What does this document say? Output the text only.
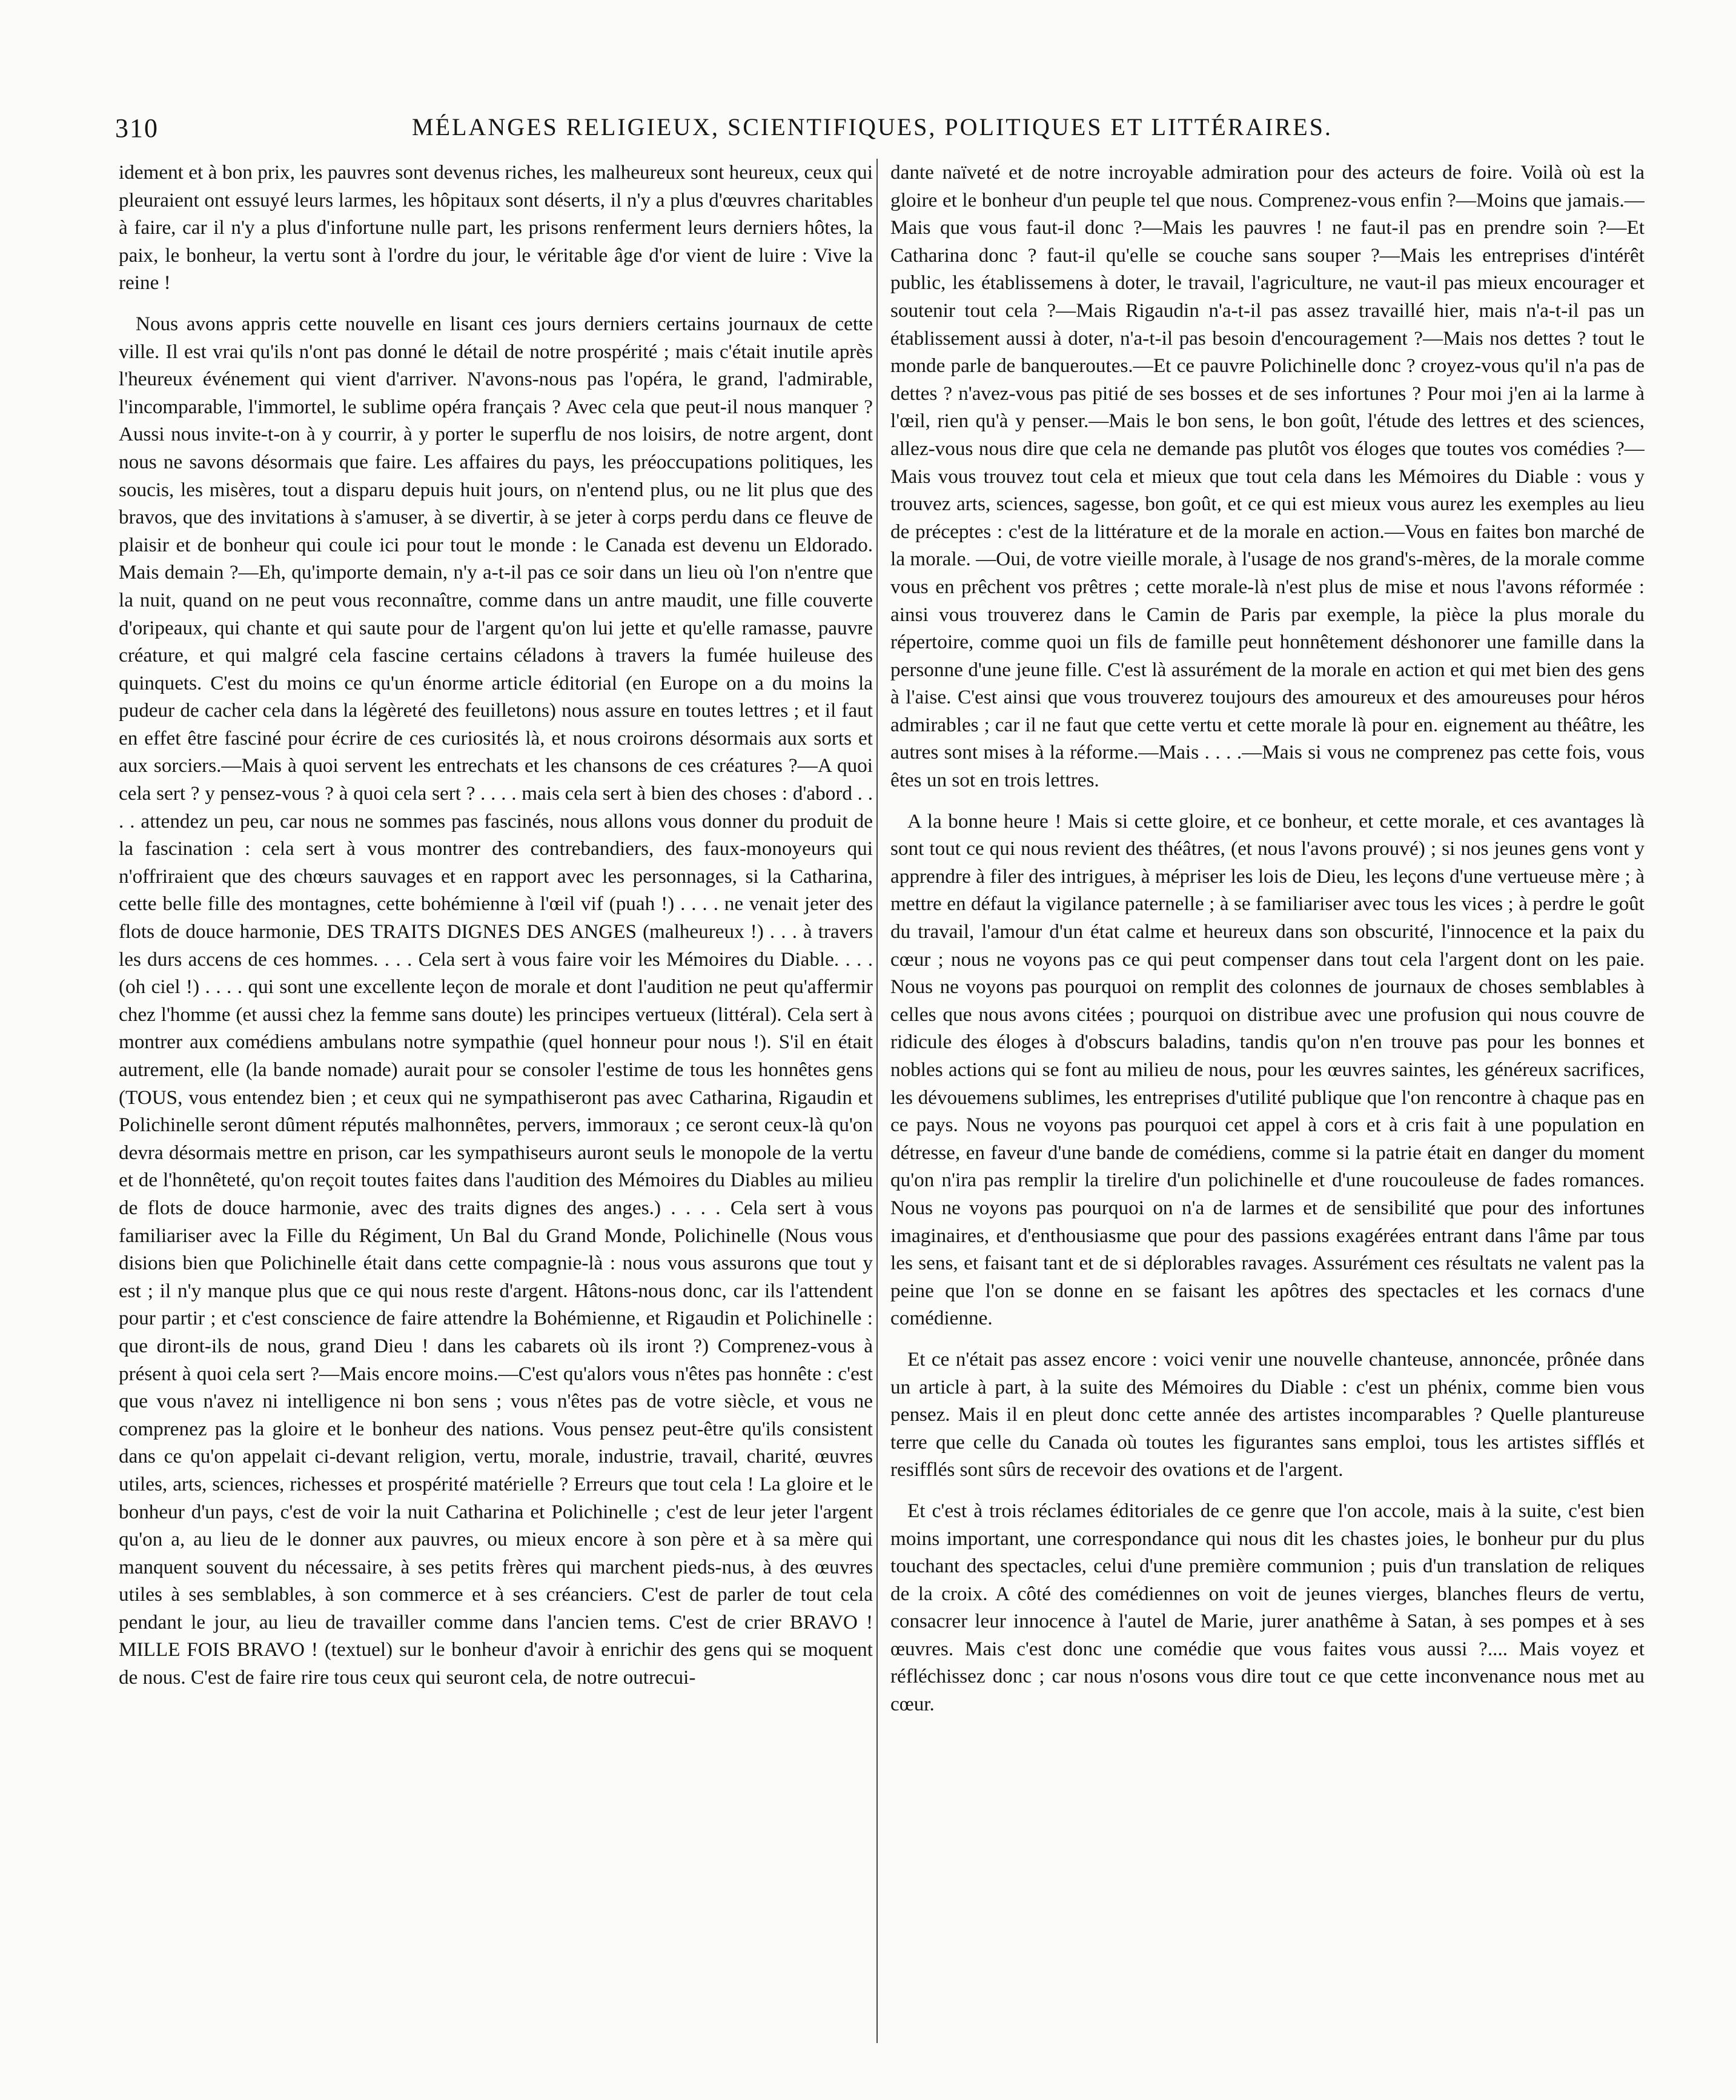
310	MÉLANGES RELIGIEUX, SCIENTIFIQUES, POLITIQUES ET LITTÉRAIRES.

idement et à bon prix, les pauvres sont devenus riches, les malheureux sont heureux, ceux qui pleuraient ont essuyé leurs larmes, les hôpitaux sont déserts, il n'y a plus d'œuvres charitables à faire, car il n'y a plus d'infortune nulle part, les prisons renferment leurs derniers hôtes, la paix, le bonheur, la vertu sont à l'ordre du jour, le véritable âge d'or vient de luire : Vive la reine !

Nous avons appris cette nouvelle en lisant ces jours derniers certains journaux de cette ville. Il est vrai qu'ils n'ont pas donné le détail de notre prospérité ; mais c'était inutile après l'heureux événement qui vient d'arriver. N'avons-nous pas l'opéra, le grand, l'admirable, l'incomparable, l'immortel, le sublime opéra français ? Avec cela que peut-il nous manquer ? Aussi nous invite-t-on à y courrir, à y porter le superflu de nos loisirs, de notre argent, dont nous ne savons désormais que faire. Les affaires du pays, les préoccupations politiques, les soucis, les misères, tout a disparu depuis huit jours, on n'entend plus, ou ne lit plus que des bravos, que des invitations à s'amuser, à se divertir, à se jeter à corps perdu dans ce fleuve de plaisir et de bonheur qui coule ici pour tout le monde : le Canada est devenu un Eldorado. Mais demain ?—Eh, qu'importe demain, n'y a-t-il pas ce soir dans un lieu où l'on n'entre que la nuit, quand on ne peut vous reconnaître, comme dans un antre maudit, une fille couverte d'oripeaux, qui chante et qui saute pour de l'argent qu'on lui jette et qu'elle ramasse, pauvre créature, et qui malgré cela fascine certains céladons à travers la fumée huileuse des quinquets. C'est du moins ce qu'un énorme article éditorial (en Europe on a du moins la pudeur de cacher cela dans la légèreté des feuilletons) nous assure en toutes lettres ; et il faut en effet être fasciné pour écrire de ces curiosités là, et nous croirons désormais aux sorts et aux sorciers.—Mais à quoi servent les entrechats et les chansons de ces créatures ?—A quoi cela sert ? y pensez-vous ? à quoi cela sert ? . . . . mais cela sert à bien des choses : d'abord . . . . attendez un peu, car nous ne sommes pas fascinés, nous allons vous donner du produit de la fascination : cela sert à vous montrer des contrebandiers, des faux-monoyeurs qui n'offriraient que des chœurs sauvages et en rapport avec les personnages, si la Catharina, cette belle fille des montagnes, cette bohémienne à l'œil vif (puah !) . . . . ne venait jeter des flots de douce harmonie, DES TRAITS DIGNES DES ANGES (malheureux !) . . . à travers les durs accens de ces hommes. . . . Cela sert à vous faire voir les Mémoires du Diable. . . . (oh ciel !) . . . . qui sont une excellente leçon de morale et dont l'audition ne peut qu'affermir chez l'homme (et aussi chez la femme sans doute) les principes vertueux (littéral). Cela sert à montrer aux comédiens ambulans notre sympathie (quel honneur pour nous !). S'il en était autrement, elle (la bande nomade) aurait pour se consoler l'estime de tous les honnêtes gens (TOUS, vous entendez bien ; et ceux qui ne sympathiseront pas avec Catharina, Rigaudin et Polichinelle seront dûment réputés malhonnêtes, pervers, immoraux ; ce seront ceux-là qu'on devra désormais mettre en prison, car les sympathiseurs auront seuls le monopole de la vertu et de l'honnêteté, qu'on reçoit toutes faites dans l'audition des Mémoires du Diables au milieu de flots de douce harmonie, avec des traits dignes des anges.) . . . . Cela sert à vous familiariser avec la Fille du Régiment, Un Bal du Grand Monde, Polichinelle (Nous vous disions bien que Polichinelle était dans cette compagnie-là : nous vous assurons que tout y est ; il n'y manque plus que ce qui nous reste d'argent. Hâtons-nous donc, car ils l'attendent pour partir ; et c'est conscience de faire attendre la Bohémienne, et Rigaudin et Polichinelle : que diront-ils de nous, grand Dieu ! dans les cabarets où ils iront ?) Comprenez-vous à présent à quoi cela sert ?—Mais encore moins.—C'est qu'alors vous n'êtes pas honnête : c'est que vous n'avez ni intelligence ni bon sens ; vous n'êtes pas de votre siècle, et vous ne comprenez pas la gloire et le bonheur des nations. Vous pensez peut-être qu'ils consistent dans ce qu'on appelait ci-devant religion, vertu, morale, industrie, travail, charité, œuvres utiles, arts, sciences, richesses et prospérité matérielle ? Erreurs que tout cela ! La gloire et le bonheur d'un pays, c'est de voir la nuit Catharina et Polichinelle ; c'est de leur jeter l'argent qu'on a, au lieu de le donner aux pauvres, ou mieux encore à son père et à sa mère qui manquent souvent du nécessaire, à ses petits frères qui marchent pieds-nus, à des œuvres utiles à ses semblables, à son commerce et à ses créanciers. C'est de parler de tout cela pendant le jour, au lieu de travailler comme dans l'ancien tems. C'est de crier BRAVO ! MILLE FOIS BRAVO ! (textuel) sur le bonheur d'avoir à enrichir des gens qui se moquent de nous. C'est de faire rire tous ceux qui seuront cela, de notre outrecui-

dante naïveté et de notre incroyable admiration pour des acteurs de foire. Voilà où est la gloire et le bonheur d'un peuple tel que nous. Comprenez-vous enfin ?—Moins que jamais.—Mais que vous faut-il donc ?—Mais les pauvres ! ne faut-il pas en prendre soin ?—Et Catharina donc ? faut-il qu'elle se couche sans souper ?—Mais les entreprises d'intérêt public, les établissemens à doter, le travail, l'agriculture, ne vaut-il pas mieux encourager et soutenir tout cela ?—Mais Rigaudin n'a-t-il pas assez travaillé hier, mais n'a-t-il pas un établissement aussi à doter, n'a-t-il pas besoin d'encouragement ?—Mais nos dettes ? tout le monde parle de banqueroutes.—Et ce pauvre Polichinelle donc ? croyez-vous qu'il n'a pas de dettes ? n'avez-vous pas pitié de ses bosses et de ses infortunes ? Pour moi j'en ai la larme à l'œil, rien qu'à y penser.—Mais le bon sens, le bon goût, l'étude des lettres et des sciences, allez-vous nous dire que cela ne demande pas plutôt vos éloges que toutes vos comédies ?—Mais vous trouvez tout cela et mieux que tout cela dans les Mémoires du Diable : vous y trouvez arts, sciences, sagesse, bon goût, et ce qui est mieux vous aurez les exemples au lieu de préceptes : c'est de la littérature et de la morale en action.—Vous en faites bon marché de la morale. —Oui, de votre vieille morale, à l'usage de nos grand's-mères, de la morale comme vous en prêchent vos prêtres ; cette morale-là n'est plus de mise et nous l'avons réformée : ainsi vous trouverez dans le Camin de Paris par exemple, la pièce la plus morale du répertoire, comme quoi un fils de famille peut honnêtement déshonorer une famille dans la personne d'une jeune fille. C'est là assurément de la morale en action et qui met bien des gens à l'aise. C'est ainsi que vous trouverez toujours des amoureux et des amoureuses pour héros admirables ; car il ne faut que cette vertu et cette morale là pour en. eignement au théâtre, les autres sont mises à la réforme.—Mais . . . .—Mais si vous ne comprenez pas cette fois, vous êtes un sot en trois lettres.

A la bonne heure ! Mais si cette gloire, et ce bonheur, et cette morale, et ces avantages là sont tout ce qui nous revient des théâtres, (et nous l'avons prouvé) ; si nos jeunes gens vont y apprendre à filer des intrigues, à mépriser les lois de Dieu, les leçons d'une vertueuse mère ; à mettre en défaut la vigilance paternelle ; à se familiariser avec tous les vices ; à perdre le goût du travail, l'amour d'un état calme et heureux dans son obscurité, l'innocence et la paix du cœur ; nous ne voyons pas ce qui peut compenser dans tout cela l'argent dont on les paie. Nous ne voyons pas pourquoi on remplit des colonnes de journaux de choses semblables à celles que nous avons citées ; pourquoi on distribue avec une profusion qui nous couvre de ridicule des éloges à d'obscurs baladins, tandis qu'on n'en trouve pas pour les bonnes et nobles actions qui se font au milieu de nous, pour les œuvres saintes, les généreux sacrifices, les dévouemens sublimes, les entreprises d'utilité publique que l'on rencontre à chaque pas en ce pays. Nous ne voyons pas pourquoi cet appel à cors et à cris fait à une population en détresse, en faveur d'une bande de comédiens, comme si la patrie était en danger du moment qu'on n'ira pas remplir la tirelire d'un polichinelle et d'une roucouleuse de fades romances. Nous ne voyons pas pourquoi on n'a de larmes et de sensibilité que pour des infortunes imaginaires, et d'enthousiasme que pour des passions exagérées entrant dans l'âme par tous les sens, et faisant tant et de si déplorables ravages. Assurément ces résultats ne valent pas la peine que l'on se donne en se faisant les apôtres des spectacles et les cornacs d'une comédienne.

Et ce n'était pas assez encore : voici venir une nouvelle chanteuse, annoncée, prônée dans un article à part, à la suite des Mémoires du Diable : c'est un phénix, comme bien vous pensez. Mais il en pleut donc cette année des artistes incomparables ? Quelle plantureuse terre que celle du Canada où toutes les figurantes sans emploi, tous les artistes sifflés et resifflés sont sûrs de recevoir des ovations et de l'argent.

Et c'est à trois réclames éditoriales de ce genre que l'on accole, mais à la suite, c'est bien moins important, une correspondance qui nous dit les chastes joies, le bonheur pur du plus touchant des spectacles, celui d'une première communion ; puis d'un translation de reliques de la croix. A côté des comédiennes on voit de jeunes vierges, blanches fleurs de vertu, consacrer leur innocence à l'autel de Marie, jurer anathême à Satan, à ses pompes et à ses œuvres. Mais c'est donc une comédie que vous faites vous aussi ?.... Mais voyez et réfléchissez donc ; car nous n'osons vous dire tout ce que cette inconvenance nous met au cœur.
